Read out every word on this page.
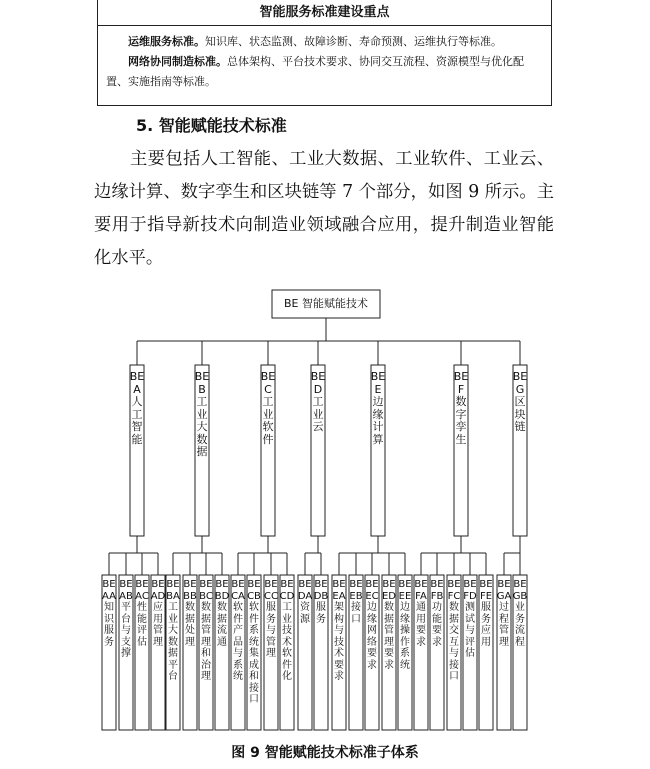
智能服务标准建设重点

运维服务标准。知识库、状态监测、故障诊断、寿命预测、运维执行等标准。

网络协同制造标准。总体架构、平台技术要求、协同交互流程、资源模型与优化配置、实施指南等标准。

5. 智能赋能技术标准
主要包括人工智能、工业大数据、工业软件、工业云、边缘计算、数字孪生和区块链等 7 个部分，如图 9 所示。主要用于指导新技术向制造业领域融合应用，提升制造业智能化水平。
BE 智能赋能技术
BEA 人工智能
BEAA 知识服务
BEAB 平台与支撑
BEAC 性能评估
BEAD 应用管理
BEB 工业大数据
BEBA 工业大数据平台
BEBB 数据处理
BEBC 数据管理和治理
BEBD 数据流通
BEC 工业软件
BECA 软件产品与系统
BECB 软件系统集成和接口
BECC 服务与管理
BECD 工业技术软件化
BED 工业云
BEDA 资源
BEDB 服务
BEE 边缘计算
BEEA 架构与技术要求
BEEB 接口
BEEC 边缘网络要求
BEED 数据管理要求
BEEE 边缘操作系统
BEF 数字孪生
BEFA 通用要求
BEFB 功能要求
BEFC 数据交互与接口
BEFD 测试与评估
BEFE 服务应用
BEG 区块链
BEGA 过程管理
BEGB 业务流程
图 9 智能赋能技术标准子体系
